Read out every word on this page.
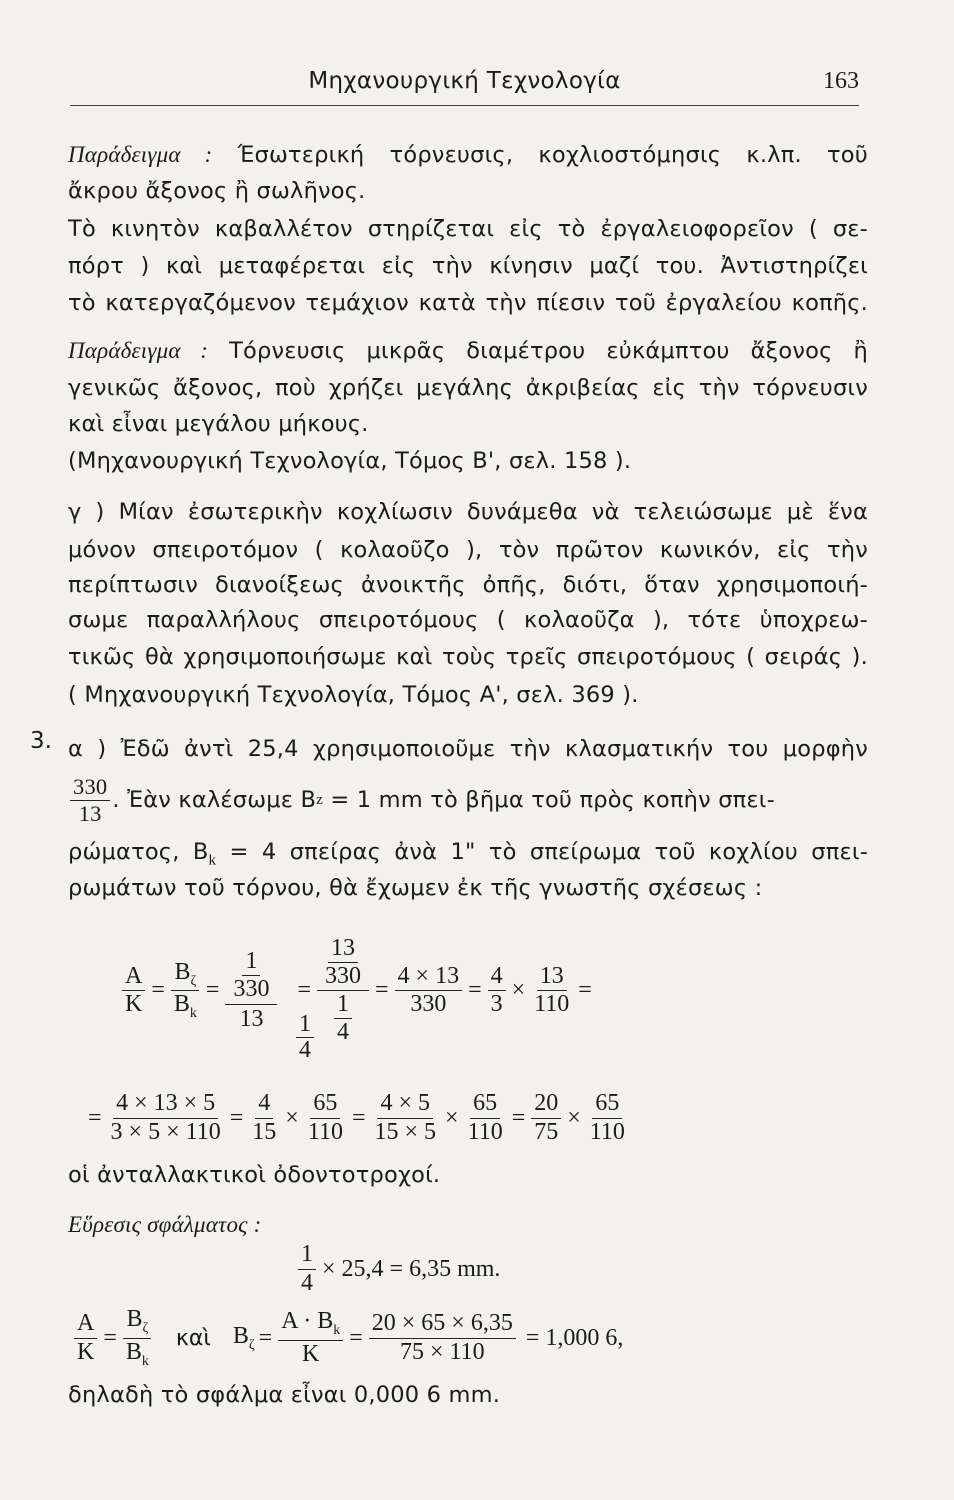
Μηχανουργική Τεχνολογία	163
Παράδειγμα : Έσωτερική τόρνευσις, κοχλιοστόμησις κ.λπ. τοῦ
ἄκρου ἄξονος ἢ σωλῆνος.
Τὸ κινητὸν καβαλλέτον στηρίζεται εἰς τὸ ἐργαλειοφορεῖον ( σε-
πόρτ ) καὶ μεταφέρεται εἰς τὴν κίνησιν μαζί του. Ἀντιστηρίζει
τὸ κατεργαζόμενον τεμάχιον κατὰ τὴν πίεσιν τοῦ ἐργαλείου κοπῆς.
Παράδειγμα : Τόρνευσις μικρᾶς διαμέτρου εὐκάμπτου ἄξονος ἢ
γενικῶς ἄξονος, ποὺ χρήζει μεγάλης ἀκριβείας εἰς τὴν τόρνευσιν
καὶ εἶναι μεγάλου μήκους.
(Μηχανουργική Τεχνολογία, Τόμος Β', σελ. 158 ).
γ ) Μίαν ἐσωτερικὴν κοχλίωσιν δυνάμεθα νὰ τελειώσωμε μὲ ἕνα
μόνον σπειροτόμον ( κολαοῦζο ), τὸν πρῶτον κωνικόν, εἰς τὴν
περίπτωσιν διανοίξεως ἀνοικτῆς ὀπῆς, διότι, ὅταν χρησιμοποιή-
σωμε παραλλήλους σπειροτόμους ( κολαοῦζα ), τότε ὑποχρεω-
τικῶς θὰ χρησιμοποιήσωμε καὶ τοὺς τρεῖς σπειροτόμους ( σειράς ).
( Μηχανουργική Τεχνολογία, Τόμος Α', σελ. 369 ).
3. α ) Ἐδῶ ἀντὶ 25,4 χρησιμοποιοῦμε τὴν κλασματικήν του μορφὴν
$\frac{330}{13}$ . Ἐὰν καλέσωμε B z = 1 mm τὸ βῆμα τοῦ πρὸς κοπὴν σπει-
ρώματος, $B_k = 4$ σπείρας ἀνὰ 1" τὸ σπείρωμα τοῦ κοχλίου σπει-
ρωμάτων τοῦ τόρνου, θὰ ἔχωμεν ἐκ τῆς γνωστῆς σχέσεως :
$\frac{A}{K} = \frac{B_\zeta}{B_k} = \frac{\frac{1}{330}}{13} = \frac{\frac{13}{330}}{\frac{1}{4}} = \frac{4 \times 13}{330} = \frac{4}{3} \times \frac{13}{110}$ =
1
4
= $\frac{4 \times 13 \times 5}{3 \times 5 \times 110} = \frac{4}{15} \times \frac{65}{110} = \frac{4 \times 5}{15 \times 5} \times \frac{65}{110} = \frac{20}{75} \times \frac{65}{110}$
οἱ ἀνταλλακτικοὶ ὀδοντοτροχοί.
Εὕρεσις σφάλματος :
$\frac{1}{4} \times 25,4 = 6,35$ mm.
$\frac{A}{K} = \frac{B_\zeta}{B_k}$ καὶ $B_\zeta = \frac{A \cdot B_k}{K} = \frac{20 \times 65 \times 6,35}{75 \times 110} = 1,000$ 6,
δηλαδὴ τὸ σφάλμα εἶναι 0,000 6 mm.
